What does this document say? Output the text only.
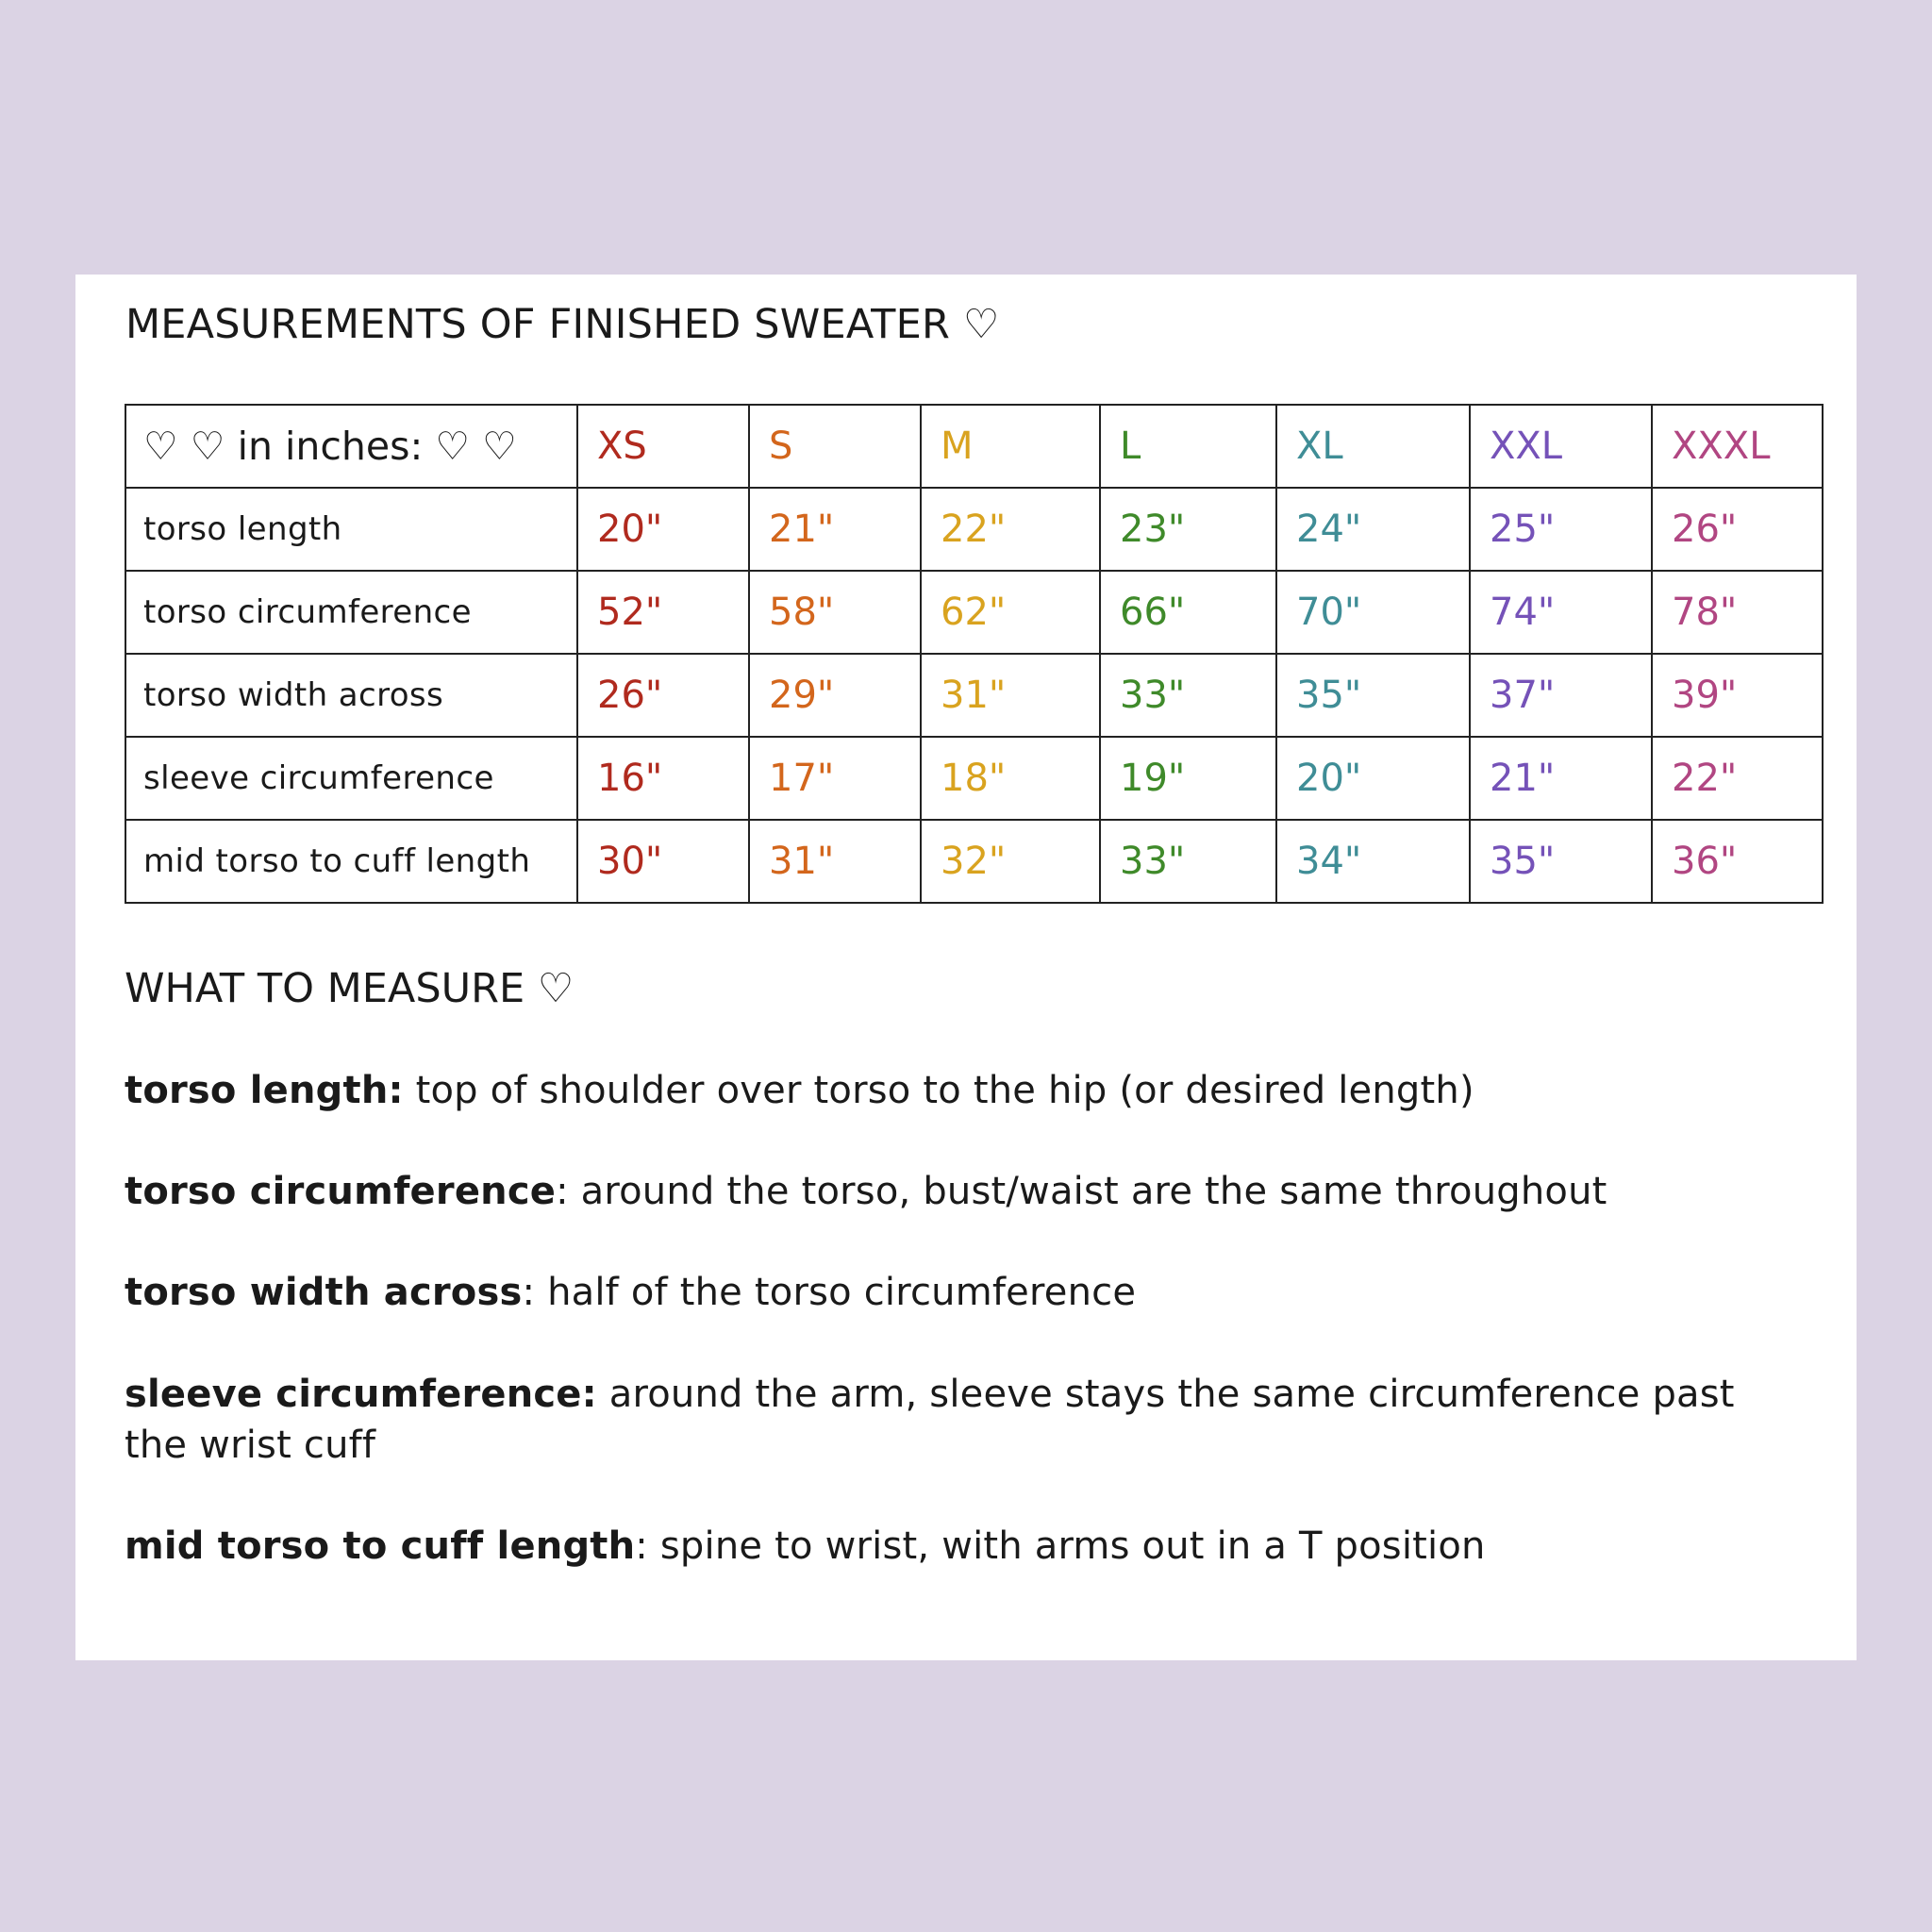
MEASUREMENTS OF FINISHED SWEATER ♡
♡ ♡ in inches: ♡ ♡	XS	S	M	L	XL	XXL	XXXL
torso length	20"	21"	22"	23"	24"	25"	26"
torso circumference	52"	58"	62"	66"	70"	74"	78"
torso width across	26"	29"	31"	33"	35"	37"	39"
sleeve circumference	16"	17"	18"	19"	20"	21"	22"
mid torso to cuff length	30"	31"	32"	33"	34"	35"	36"
WHAT TO MEASURE ♡
torso length: top of shoulder over torso to the hip (or desired length)
torso circumference: around the torso, bust/waist are the same throughout
torso width across: half of the torso circumference
sleeve circumference: around the arm, sleeve stays the same circumference past the wrist cuff
mid torso to cuff length: spine to wrist, with arms out in a T position
